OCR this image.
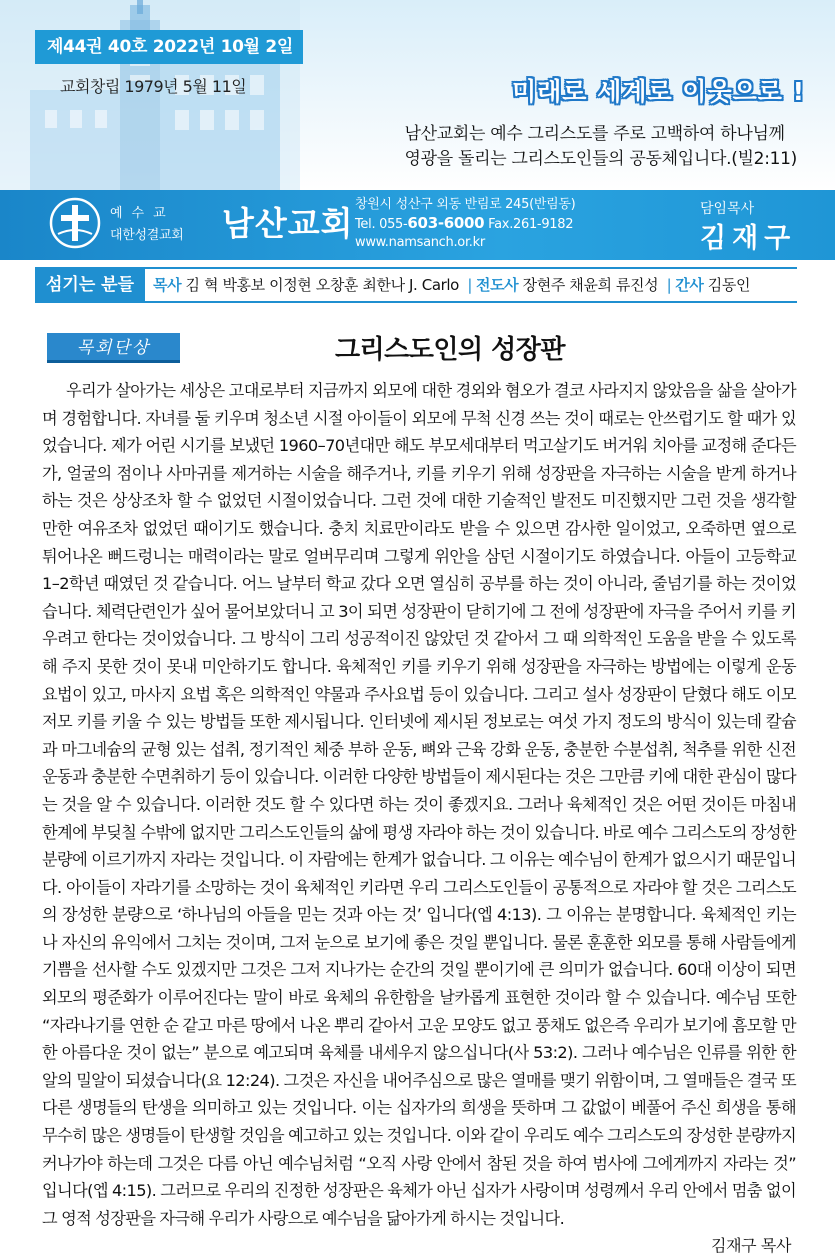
제44권 40호 2022년 10월 2일
교회창립 1979년 5월 11일	미래로 세계로 이웃으로 !
남산교회는 예수 그리스도를 주로 고백하여 하나님께
영광을 돌리는 그리스도인들의 공동체입니다.(빌2:11)
예수교
대한성결교회 남산교회 창원시 성산구 외동 반림로 245(반림동)
Tel. 055-603-6000 Fax.261-9182
www.namsanch.or.kr
담임목사
김재구
섬기는 분들	목사 김 혁 박홍보 이정현 오창훈 최한나 J. Carlo | 전도사 장현주 채윤희 류진성 | 간사 김동인
목회단상	그리스도인의 성장판

우리가 살아가는 세상은 고대로부터 지금까지 외모에 대한 경외와 혐오가 결코 사라지지 않았음을 삶을 살아가며 경험합니다. 자녀를 둘 키우며 청소년 시절 아이들이 외모에 무척 신경 쓰는 것이 때로는 안쓰럽기도 할 때가 있었습니다. 제가 어린 시기를 보냈던 1960–70년대만 해도 부모세대부터 먹고살기도 버거워 치아를 교정해 준다든가, 얼굴의 점이나 사마귀를 제거하는 시술을 해주거나, 키를 키우기 위해 성장판을 자극하는 시술을 받게 하거나 하는 것은 상상조차 할 수 없었던 시절이었습니다. 그런 것에 대한 기술적인 발전도 미진했지만 그런 것을 생각할만한 여유조차 없었던 때이기도 했습니다. 충치 치료만이라도 받을 수 있으면 감사한 일이었고, 오죽하면 옆으로 튀어나온 뻐드렁니는 매력이라는 말로 얼버무리며 그렇게 위안을 삼던 시절이기도 하였습니다. 아들이 고등학교 1–2학년 때였던 것 같습니다. 어느 날부터 학교 갔다 오면 열심히 공부를 하는 것이 아니라, 줄넘기를 하는 것이었습니다. 체력단련인가 싶어 물어보았더니 고 3이 되면 성장판이 닫히기에 그 전에 성장판에 자극을 주어서 키를 키우려고 한다는 것이었습니다. 그 방식이 그리 성공적이진 않았던 것 같아서 그 때 의학적인 도움을 받을 수 있도록 해 주지 못한 것이 못내 미안하기도 합니다. 육체적인 키를 키우기 위해 성장판을 자극하는 방법에는 이렇게 운동요법이 있고, 마사지 요법 혹은 의학적인 약물과 주사요법 등이 있습니다. 그리고 설사 성장판이 닫혔다 해도 이모저모 키를 키울 수 있는 방법들 또한 제시됩니다. 인터넷에 제시된 정보로는 여섯 가지 정도의 방식이 있는데 칼슘과 마그네슘의 균형 있는 섭취, 정기적인 체중 부하 운동, 뼈와 근육 강화 운동, 충분한 수분섭취, 척추를 위한 신전운동과 충분한 수면취하기 등이 있습니다. 이러한 다양한 방법들이 제시된다는 것은 그만큼 키에 대한 관심이 많다는 것을 알 수 있습니다. 이러한 것도 할 수 있다면 하는 것이 좋겠지요. 그러나 육체적인 것은 어떤 것이든 마침내 한계에 부딪칠 수밖에 없지만 그리스도인들의 삶에 평생 자라야 하는 것이 있습니다. 바로 예수 그리스도의 장성한 분량에 이르기까지 자라는 것입니다. 이 자람에는 한계가 없습니다. 그 이유는 예수님이 한계가 없으시기 때문입니다. 아이들이 자라기를 소망하는 것이 육체적인 키라면 우리 그리스도인들이 공통적으로 자라야 할 것은 그리스도의 장성한 분량으로 ‘하나님의 아들을 믿는 것과 아는 것’ 입니다(엡 4:13). 그 이유는 분명합니다. 육체적인 키는 나 자신의 유익에서 그치는 것이며, 그저 눈으로 보기에 좋은 것일 뿐입니다. 물론 훈훈한 외모를 통해 사람들에게 기쁨을 선사할 수도 있겠지만 그것은 그저 지나가는 순간의 것일 뿐이기에 큰 의미가 없습니다. 60대 이상이 되면 외모의 평준화가 이루어진다는 말이 바로 육체의 유한함을 날카롭게 표현한 것이라 할 수 있습니다. 예수님 또한 “자라나기를 연한 순 같고 마른 땅에서 나온 뿌리 같아서 고운 모양도 없고 풍채도 없은즉 우리가 보기에 흠모할 만한 아름다운 것이 없는” 분으로 예고되며 육체를 내세우지 않으십니다(사 53:2). 그러나 예수님은 인류를 위한 한 알의 밀알이 되셨습니다(요 12:24). 그것은 자신을 내어주심으로 많은 열매를 맺기 위함이며, 그 열매들은 결국 또 다른 생명들의 탄생을 의미하고 있는 것입니다. 이는 십자가의 희생을 뜻하며 그 값없이 베풀어 주신 희생을 통해 무수히 많은 생명들이 탄생할 것임을 예고하고 있는 것입니다. 이와 같이 우리도 예수 그리스도의 장성한 분량까지 커나가야 하는데 그것은 다름 아닌 예수님처럼 “오직 사랑 안에서 참된 것을 하여 범사에 그에게까지 자라는 것” 입니다(엡 4:15). 그러므로 우리의 진정한 성장판은 육체가 아닌 십자가 사랑이며 성령께서 우리 안에서 멈춤 없이 그 영적 성장판을 자극해 우리가 사랑으로 예수님을 닮아가게 하시는 것입니다.

김재구 목사
